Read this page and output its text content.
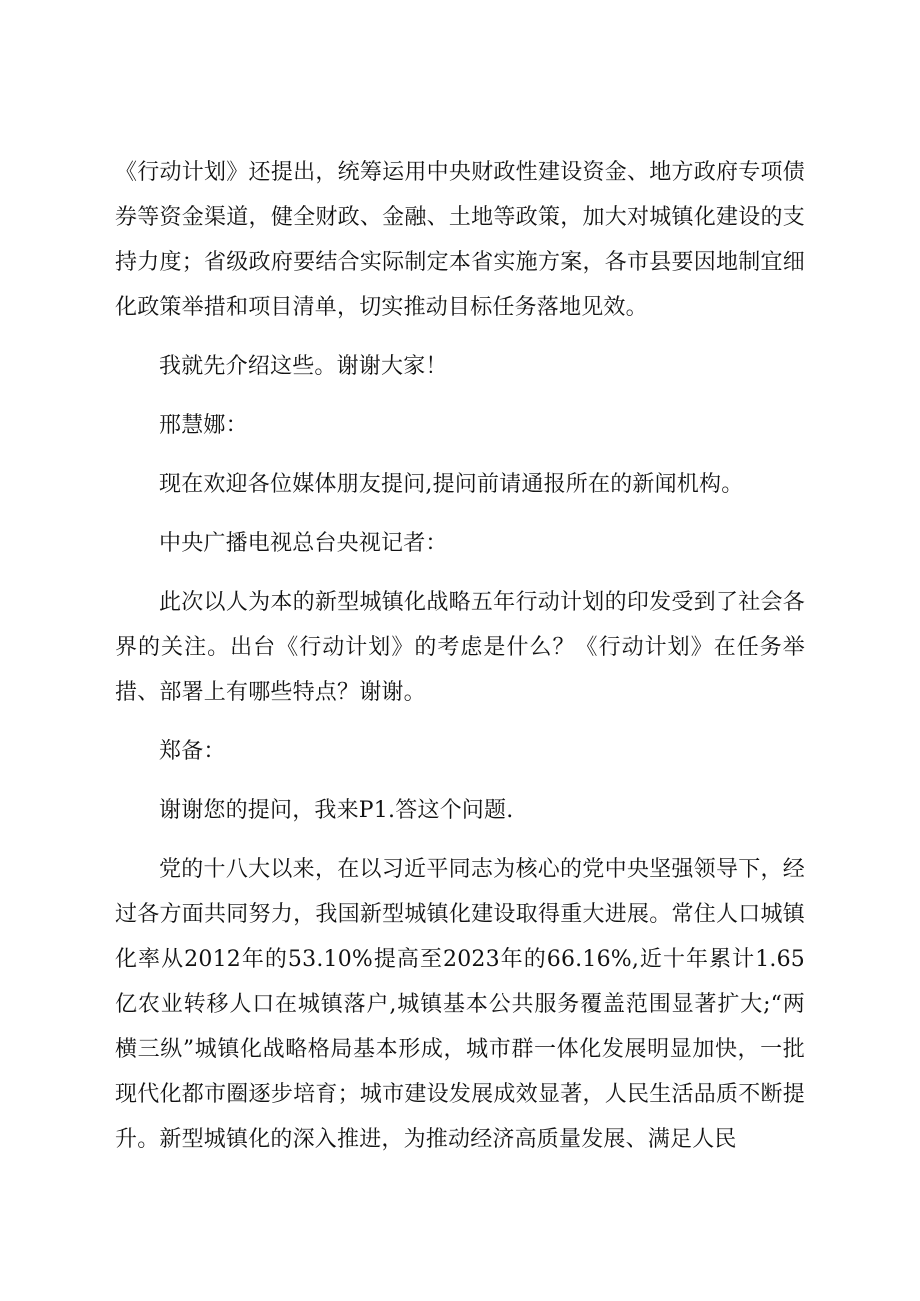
《行动计划》还提出，统筹运用中央财政性建设资金、地方政府专项债券等资金渠道，健全财政、金融、土地等政策，加大对城镇化建设的支持力度；省级政府要结合实际制定本省实施方案，各市县要因地制宜细化政策举措和项目清单，切实推动目标任务落地见效。

我就先介绍这些。谢谢大家！

邢慧娜：

现在欢迎各位媒体朋友提问,提问前请通报所在的新闻机构。

中央广播电视总台央视记者：

此次以人为本的新型城镇化战略五年行动计划的印发受到了社会各界的关注。出台《行动计划》的考虑是什么？《行动计划》在任务举措、部署上有哪些特点？谢谢。

郑备：

谢谢您的提问，我来P1.答这个问题.

党的十八大以来，在以习近平同志为核心的党中央坚强领导下，经过各方面共同努力，我国新型城镇化建设取得重大进展。常住人口城镇化率从2012年的53.10%提高至2023年的66.16%,近十年累计1.65亿农业转移人口在城镇落户,城镇基本公共服务覆盖范围显著扩大;“两横三纵”城镇化战略格局基本形成，城市群一体化发展明显加快，一批现代化都市圈逐步培育；城市建设发展成效显著，人民生活品质不断提升。新型城镇化的深入推进，为推动经济高质量发展、满足人民
